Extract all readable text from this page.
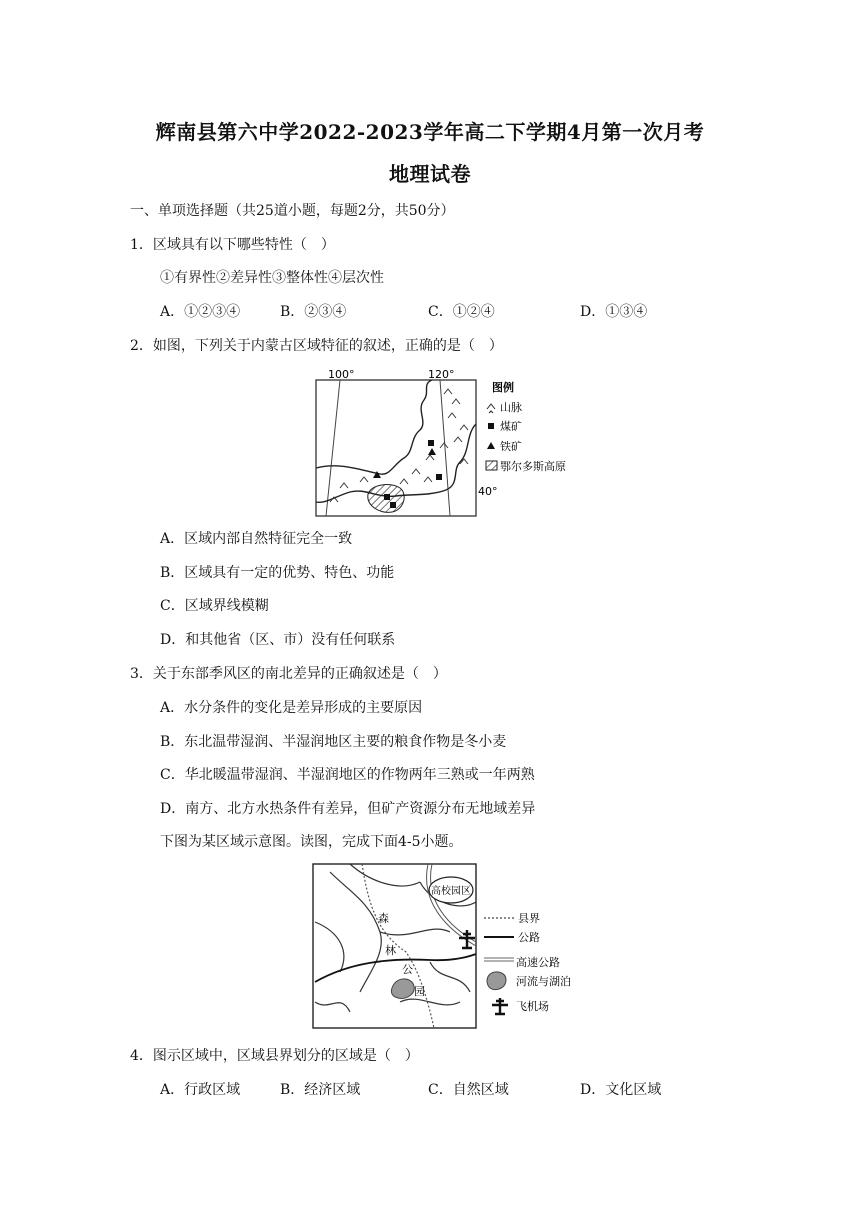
辉南县第六中学2022-2023学年高二下学期4月第一次月考
地理试卷
一、单项选择题（共25道小题，每题2分，共50分）
1．区域具有以下哪些特性（　）
①有界性②差异性③整体性④层次性
A．①②③④	B．②③④	C．①②④	D．①③④
2．如图，下列关于内蒙古区域特征的叙述，正确的是（　）
100°	120°
40°
图例
山脉
煤矿
铁矿
鄂尔多斯高原
A．区域内部自然特征完全一致
B．区域具有一定的优势、特色、功能
C．区域界线模糊
D．和其他省（区、市）没有任何联系
3．关于东部季风区的南北差异的正确叙述是（　）
A．水分条件的变化是差异形成的主要原因
B．东北温带湿润、半湿润地区主要的粮食作物是冬小麦
C．华北暖温带湿润、半湿润地区的作物两年三熟或一年两熟
D．南方、北方水热条件有差异，但矿产资源分布无地域差异
下图为某区域示意图。读图，完成下面4-5小题。
高校园区
森
林
公
园
县界
公路
高速公路
河流与湖泊
飞机场
4．图示区域中，区域县界划分的区域是（　）
A．行政区域	B．经济区域	C．自然区域	D．文化区域
